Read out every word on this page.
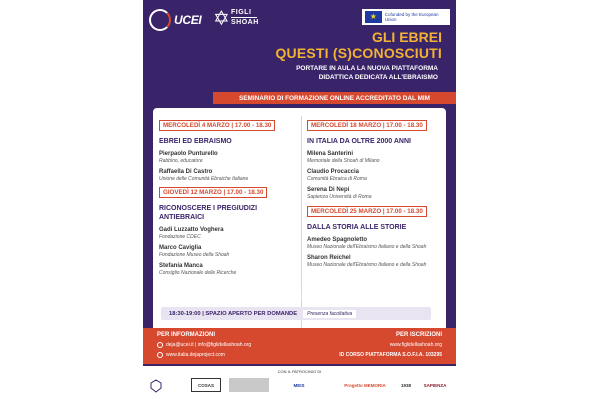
UCEI ✡ FIGLI
SHOAH
★	Cofunded by the European Union
GLI EBREI
QUESTI (S)CONOSCIUTI
PORTARE IN AULA LA NUOVA PIATTAFORMA
DIDATTICA DEDICATA ALL'EBRAISMO
SEMINARIO DI FORMAZIONE ONLINE ACCREDITATO DAL MIM
MERCOLEDÌ 4 MARZO | 17.00 - 18.30
EBREI ED EBRAISMO
Pierpaolo Punturello
Rabbino, educatore
Raffaella Di Castro
Unione delle Comunità Ebraiche Italiane
GIOVEDÌ 12 MARZO | 17.00 - 18.30
RICONOSCERE I PREGIUDIZI ANTIEBRAICI
Gadi Luzzatto Voghera
Fondazione CDEC
Marco Caviglia
Fondazione Museo della Shoah
Stefania Manca
Consiglio Nazionale delle Ricerche
MERCOLEDÌ 18 MARZO | 17.00 - 18.30
IN ITALIA DA OLTRE 2000 ANNI
Milena Santerini
Memoriale della Shoah di Milano
Claudio Procaccia
Comunità Ebraica di Roma
Serena Di Nepi
Sapienza Università di Roma
MERCOLEDÌ 25 MARZO | 17.00 - 18.30
DALLA STORIA ALLE STORIE
Amedeo Spagnoletto
Museo Nazionale dell'Ebraismo Italiano e della Shoah
Sharon Reichel
Museo Nazionale dell'Ebraismo Italiano e della Shoah
Moderano Daniela Dana, Raffaella Di Castro, Michelle Nahum Sembira
18:30-19:00 | SPAZIO APERTO PER DOMANDE	Presenza facoltativa
PER INFORMAZIONI
deja@ucei.it | info@figlidellashoah.org
www.italia.dejaproject.com
PER ISCRIZIONI
www.figlidellashoah.org
ID CORSO PIATTAFORMA S.O.F.I.A. 103295
CON IL PATROCINIO DI
COSAS	MEIS	Progetto MEMORIA	1938	SAPIENZA
